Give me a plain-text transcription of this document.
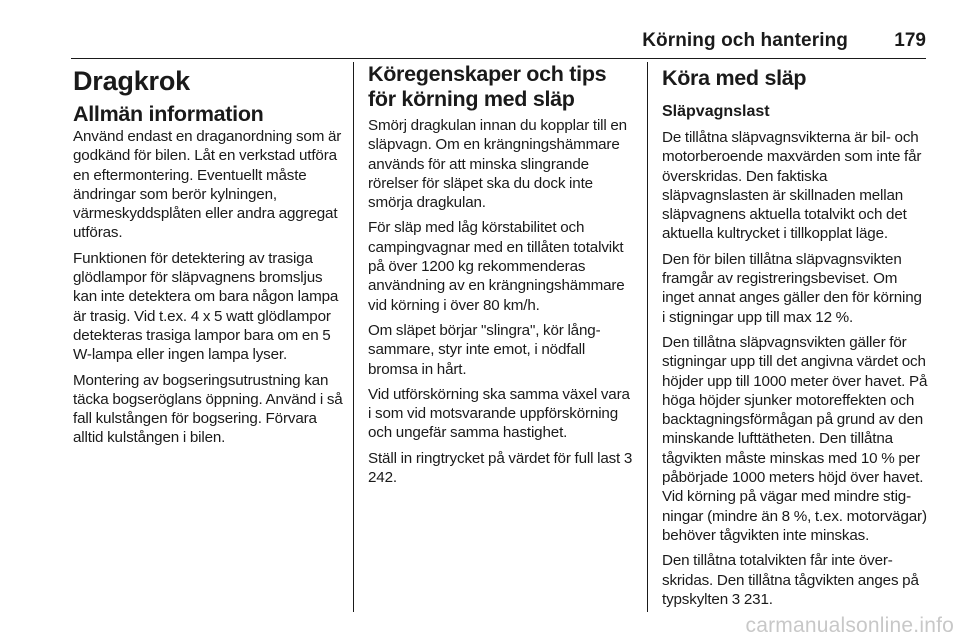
Körning och hantering 179
Dragkrok
Allmän information

Använd endast en draganordning som är godkänd för bilen. Låt en verkstad utföra en eftermontering. Eventuellt måste ändringar som berör kylningen, värmeskyddsplåten eller andra aggregat utföras.

Funktionen för detektering av trasiga glödlampor för släpvagnens bromsljus kan inte detektera om bara någon lampa är trasig. Vid t.ex. 4 x 5 watt glödlampor detekteras trasiga lampor bara om en 5 W-lampa eller ingen lampa lyser.

Montering av bogseringsutrustning kan täcka bogseröglans öppning. Använd i så fall kulstången för bogsering. Förvara alltid kulstången i bilen.

Köregenskaper och tips för körning med släp

Smörj dragkulan innan du kopplar till en släpvagn. Om en krängningshämmare används för att minska slingrande rörelser för släpet ska du dock inte smörja dragkulan.

För släp med låg körstabilitet och campingvagnar med en tillåten totalvikt på över 1200 kg rekommenderas användning av en krängningshämmare vid körning i över 80 km/h.

Om släpet börjar "slingra", kör långsammare, styr inte emot, i nödfall bromsa in hårt.

Vid utförskörning ska samma växel vara i som vid motsvarande uppförskörning och ungefär samma hastighet.

Ställ in ringtrycket på värdet för full last 3 242.

Köra med släp
Släpvagnslast

De tillåtna släpvagnsvikterna är bil- och motorberoende maxvärden som inte får överskridas. Den faktiska släpvagnslasten är skillnaden mellan släpvagnens aktuella totalvikt och det aktuella kultrycket i tillkopplat läge.

Den för bilen tillåtna släpvagnsvikten framgår av registreringsbeviset. Om inget annat anges gäller den för körning i stigningar upp till max 12 %.

Den tillåtna släpvagnsvikten gäller för stigningar upp till det angivna värdet och höjder upp till 1000 meter över havet. På höga höjder sjunker motoreffekten och backtagningsförmågan på grund av den minskande lufttätheten. Den tillåtna tågvikten måste minskas med 10 % per påbörjade 1000 meters höjd över havet. Vid körning på vägar med mindre stigningar (mindre än 8 %, t.ex. motorvägar) behöver tågvikten inte minskas.

Den tillåtna totalvikten får inte överskridas. Den tillåtna tågvikten anges på typskylten 3 231.

carmanualsonline.info
